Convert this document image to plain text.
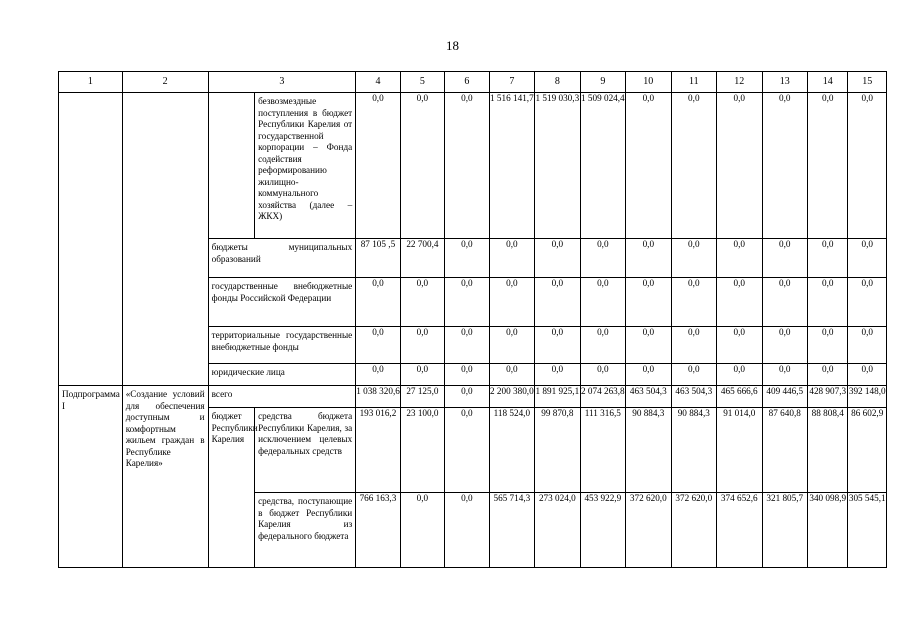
18
1	2	3		4	5	6	7	8	9	10	11	12	13	14	15

			безвозмездные поступления в бюджет Республики Карелия от государственной корпорации – Фонда содействия реформированию жилищно-коммунального хозяйства (далее – ЖКХ)	0,0	0,0	0,0	1 516 141,7	1 519 030,3	1 509 024,4	0,0	0,0	0,0	0,0	0,0	0,0

		бюджеты муниципальных образований		87 105 ,5	22 700,4	0,0	0,0	0,0	0,0	0,0	0,0	0,0	0,0	0,0	0,0

		государственные внебюджетные фонды Российской Федерации		0,0	0,0	0,0	0,0	0,0	0,0	0,0	0,0	0,0	0,0	0,0	0,0

		территориальные государственные внебюджетные фонды		0,0	0,0	0,0	0,0	0,0	0,0	0,0	0,0	0,0	0,0	0,0	0,0

		юридические лица		0,0	0,0	0,0	0,0	0,0	0,0	0,0	0,0	0,0	0,0	0,0	0,0

Подпрограмма I	«Создание условий для обеспечения доступным и комфортным жильем граждан в Республике Карелия»	всего		1 038 320,6	27 125,0	0,0	2 200 380,0	1 891 925,1	2 074 263,8	463 504,3	463 504,3	465 666,6	409 446,5	428 907,3	392 148,0

		бюджет Республики Карелия	средства бюджета Республики Карелия, за исключением целевых федеральных средств	193 016,2	23 100,0	0,0	118 524,0	99 870,8	111 316,5	90 884,3	90 884,3	91 014,0	87 640,8	88 808,4	86 602,9

			средства, поступающие в бюджет Республики Карелия из федерального бюджета	766 163,3	0,0	0,0	565 714,3	273 024,0	453 922,9	372 620,0	372 620,0	374 652,6	321 805,7	340 098,9	305 545,1
